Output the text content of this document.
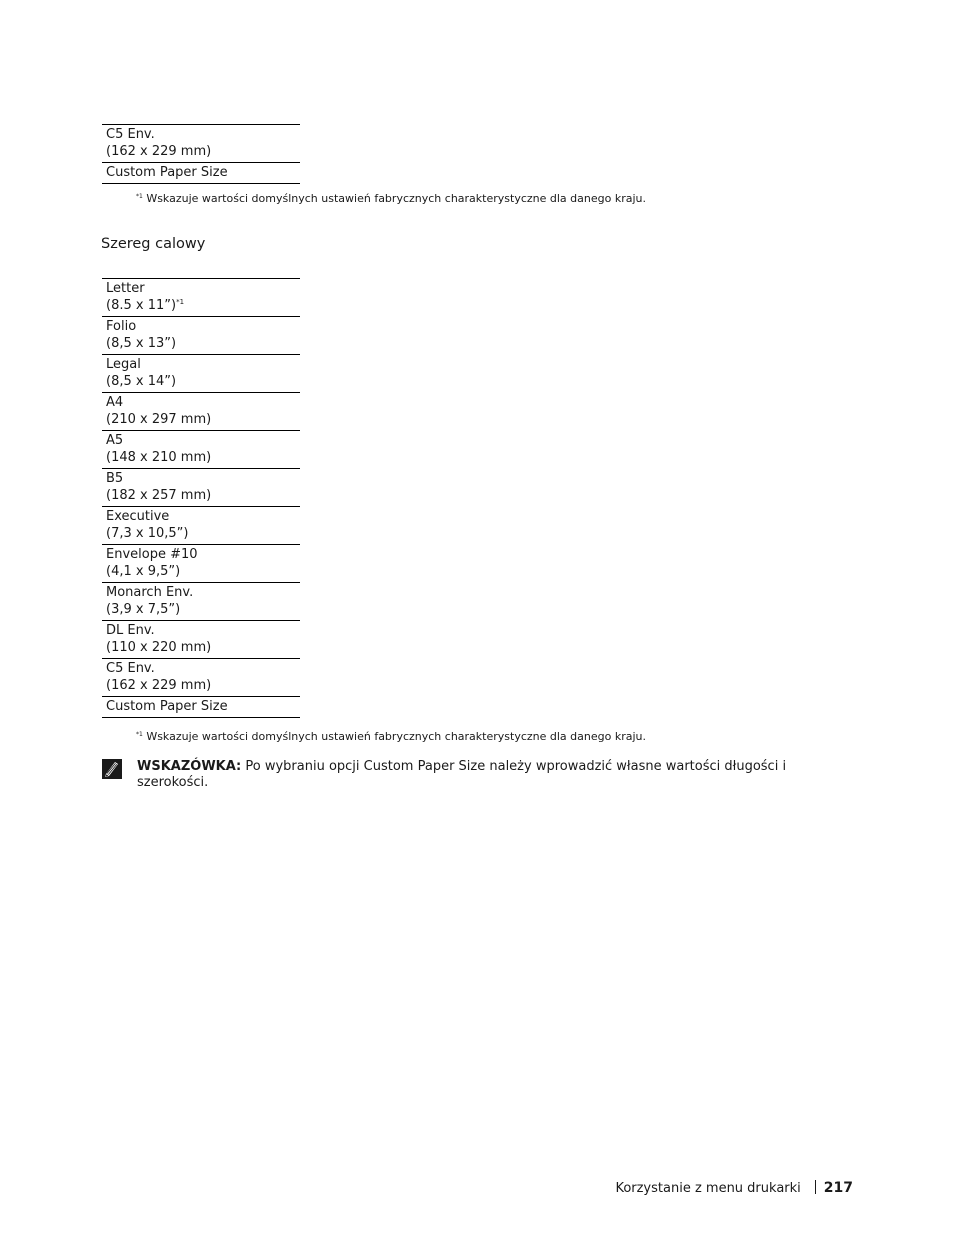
C5 Env.
(162 x 229 mm)
Custom Paper Size
$^{*1}$ Wskazuje wartości domyślnych ustawień fabrycznych charakterystyczne dla danego kraju.
Szereg calowy
Letter
(8.5 x 11”)$^{*1}$
Folio
(8,5 x 13”)
Legal
(8,5 x 14”)
A4
(210 x 297 mm)
A5
(148 x 210 mm)
B5
(182 x 257 mm)
Executive
(7,3 x 10,5”)
Envelope #10
(4,1 x 9,5”)
Monarch Env.
(3,9 x 7,5”)
DL Env.
(110 x 220 mm)
C5 Env.
(162 x 229 mm)
Custom Paper Size
$^{*1}$ Wskazuje wartości domyślnych ustawień fabrycznych charakterystyczne dla danego kraju.
WSKAZÓWKA: Po wybraniu opcji Custom Paper Size należy wprowadzić własne wartości długości i szerokości.
Korzystanie z menu drukarki 217
